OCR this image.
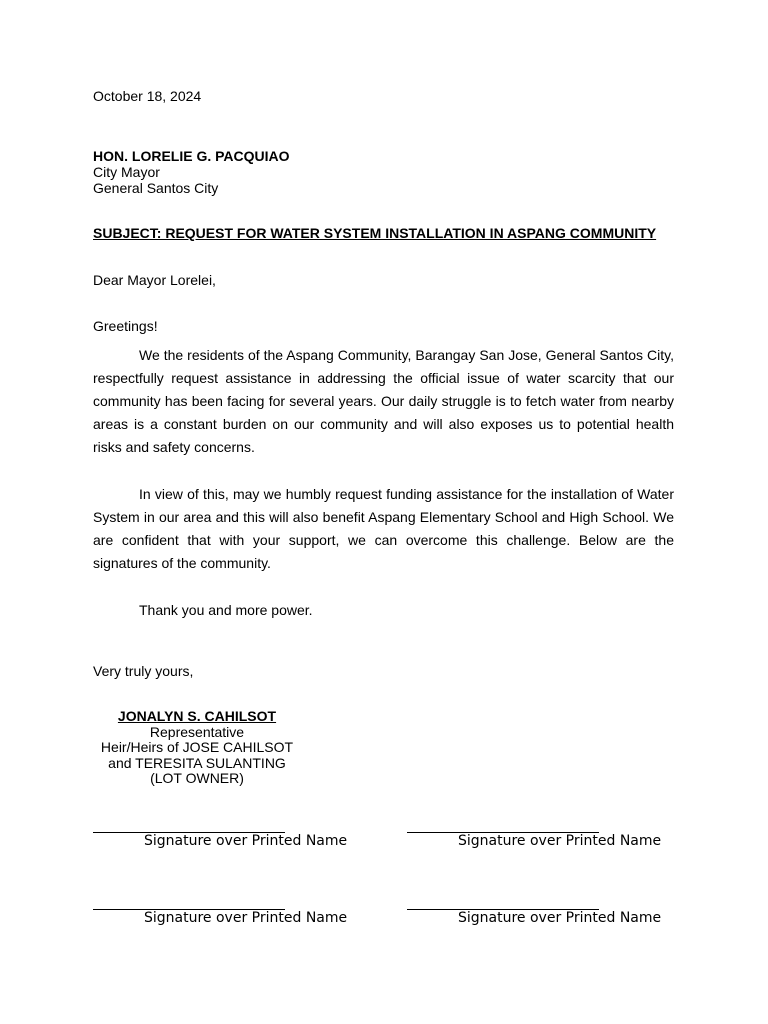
October 18, 2024
HON. LORELIE G. PACQUIAO
City Mayor
General Santos City
SUBJECT: REQUEST FOR WATER SYSTEM INSTALLATION IN ASPANG COMMUNITY
Dear Mayor Lorelei,
Greetings!

We the residents of the Aspang Community, Barangay San Jose, General Santos City, respectfully request assistance in addressing the official issue of water scarcity that our community has been facing for several years. Our daily struggle is to fetch water from nearby areas is a constant burden on our community and will also exposes us to potential health risks and safety concerns.

In view of this, may we humbly request funding assistance for the installation of Water System in our area and this will also benefit Aspang Elementary School and High School. We are confident that with your support, we can overcome this challenge. Below are the signatures of the community.

Thank you and more power.
Very truly yours,
JONALYN S. CAHILSOT
Representative
Heir/Heirs of JOSE CAHILSOT
and TERESITA SULANTING
(LOT OWNER)
Signature over Printed Name	Signature over Printed Name
Signature over Printed Name	Signature over Printed Name
